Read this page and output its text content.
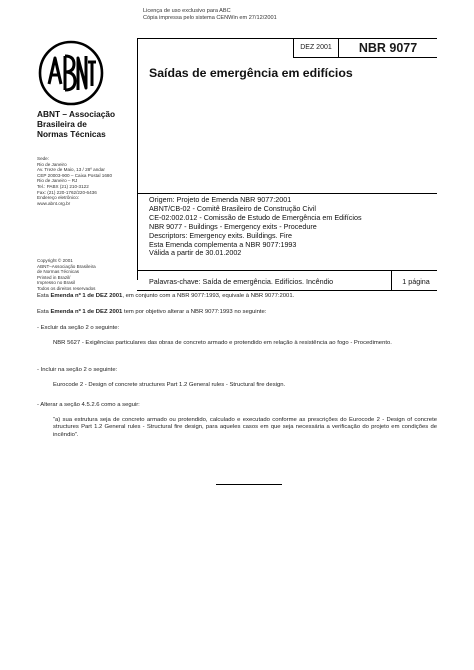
Licença de uso exclusivo para ABC
Cópia impressa pelo sistema CENWin em 27/12/2001
ABNT – Associação
Brasileira de
Normas Técnicas
Sede:
Rio de Janeiro
Av. Treze de Maio, 13 / 28º andar
CEP 20003-900 – Caixa Postal 1680
Rio de Janeiro – RJ
Tel.: PABX (21) 210-3122
Fax: (21) 220-1762/220-6436
Endereço eletrônico:
www.abnt.org.br
Copyright © 2001
ABNT–Associação Brasileira
de Normas Técnicas
Printed in Brazil/
Impresso no Brasil
Todos os direitos reservados
DEZ 2001	NBR 9077
Saídas de emergência em edifícios
Origem: Projeto de Emenda NBR 9077:2001
ABNT/CB-02 - Comitê Brasileiro de Construção Civil
CE-02:002.012 - Comissão de Estudo de Emergência em Edifícios
NBR 9077 - Buildings - Emergency exits - Procedure
Descriptors: Emergency exits. Buildings. Fire
Esta Emenda complementa a NBR 9077:1993
Válida a partir de 30.01.2002
Palavras-chave: Saída de emergência. Edifícios. Incêndio	1 página
Esta Emenda nº 1 de DEZ 2001, em conjunto com a NBR 9077:1993, equivale à NBR 9077:2001.
Esta Emenda nº 1 de DEZ 2001 tem por objetivo alterar a NBR 9077:1993 no seguinte:
- Excluir da seção 2 o seguinte:
NBR 5627 - Exigências particulares das obras de concreto armado e protendido em relação à resistência ao fogo - Procedimento.
- Incluir na seção 2 o seguinte:
Eurocode 2 - Design of concrete structures Part 1.2 General rules - Structural fire design.
- Alterar a seção 4.5.2.6 como a seguir:
“a) sua estrutura seja de concreto armado ou protendido, calculado e executado conforme as prescrições do Eurocode 2 - Design of concrete structures Part 1.2 General rules - Structural fire design, para aqueles casos em que seja necessária a verificação do projeto em condições de incêndio”.
